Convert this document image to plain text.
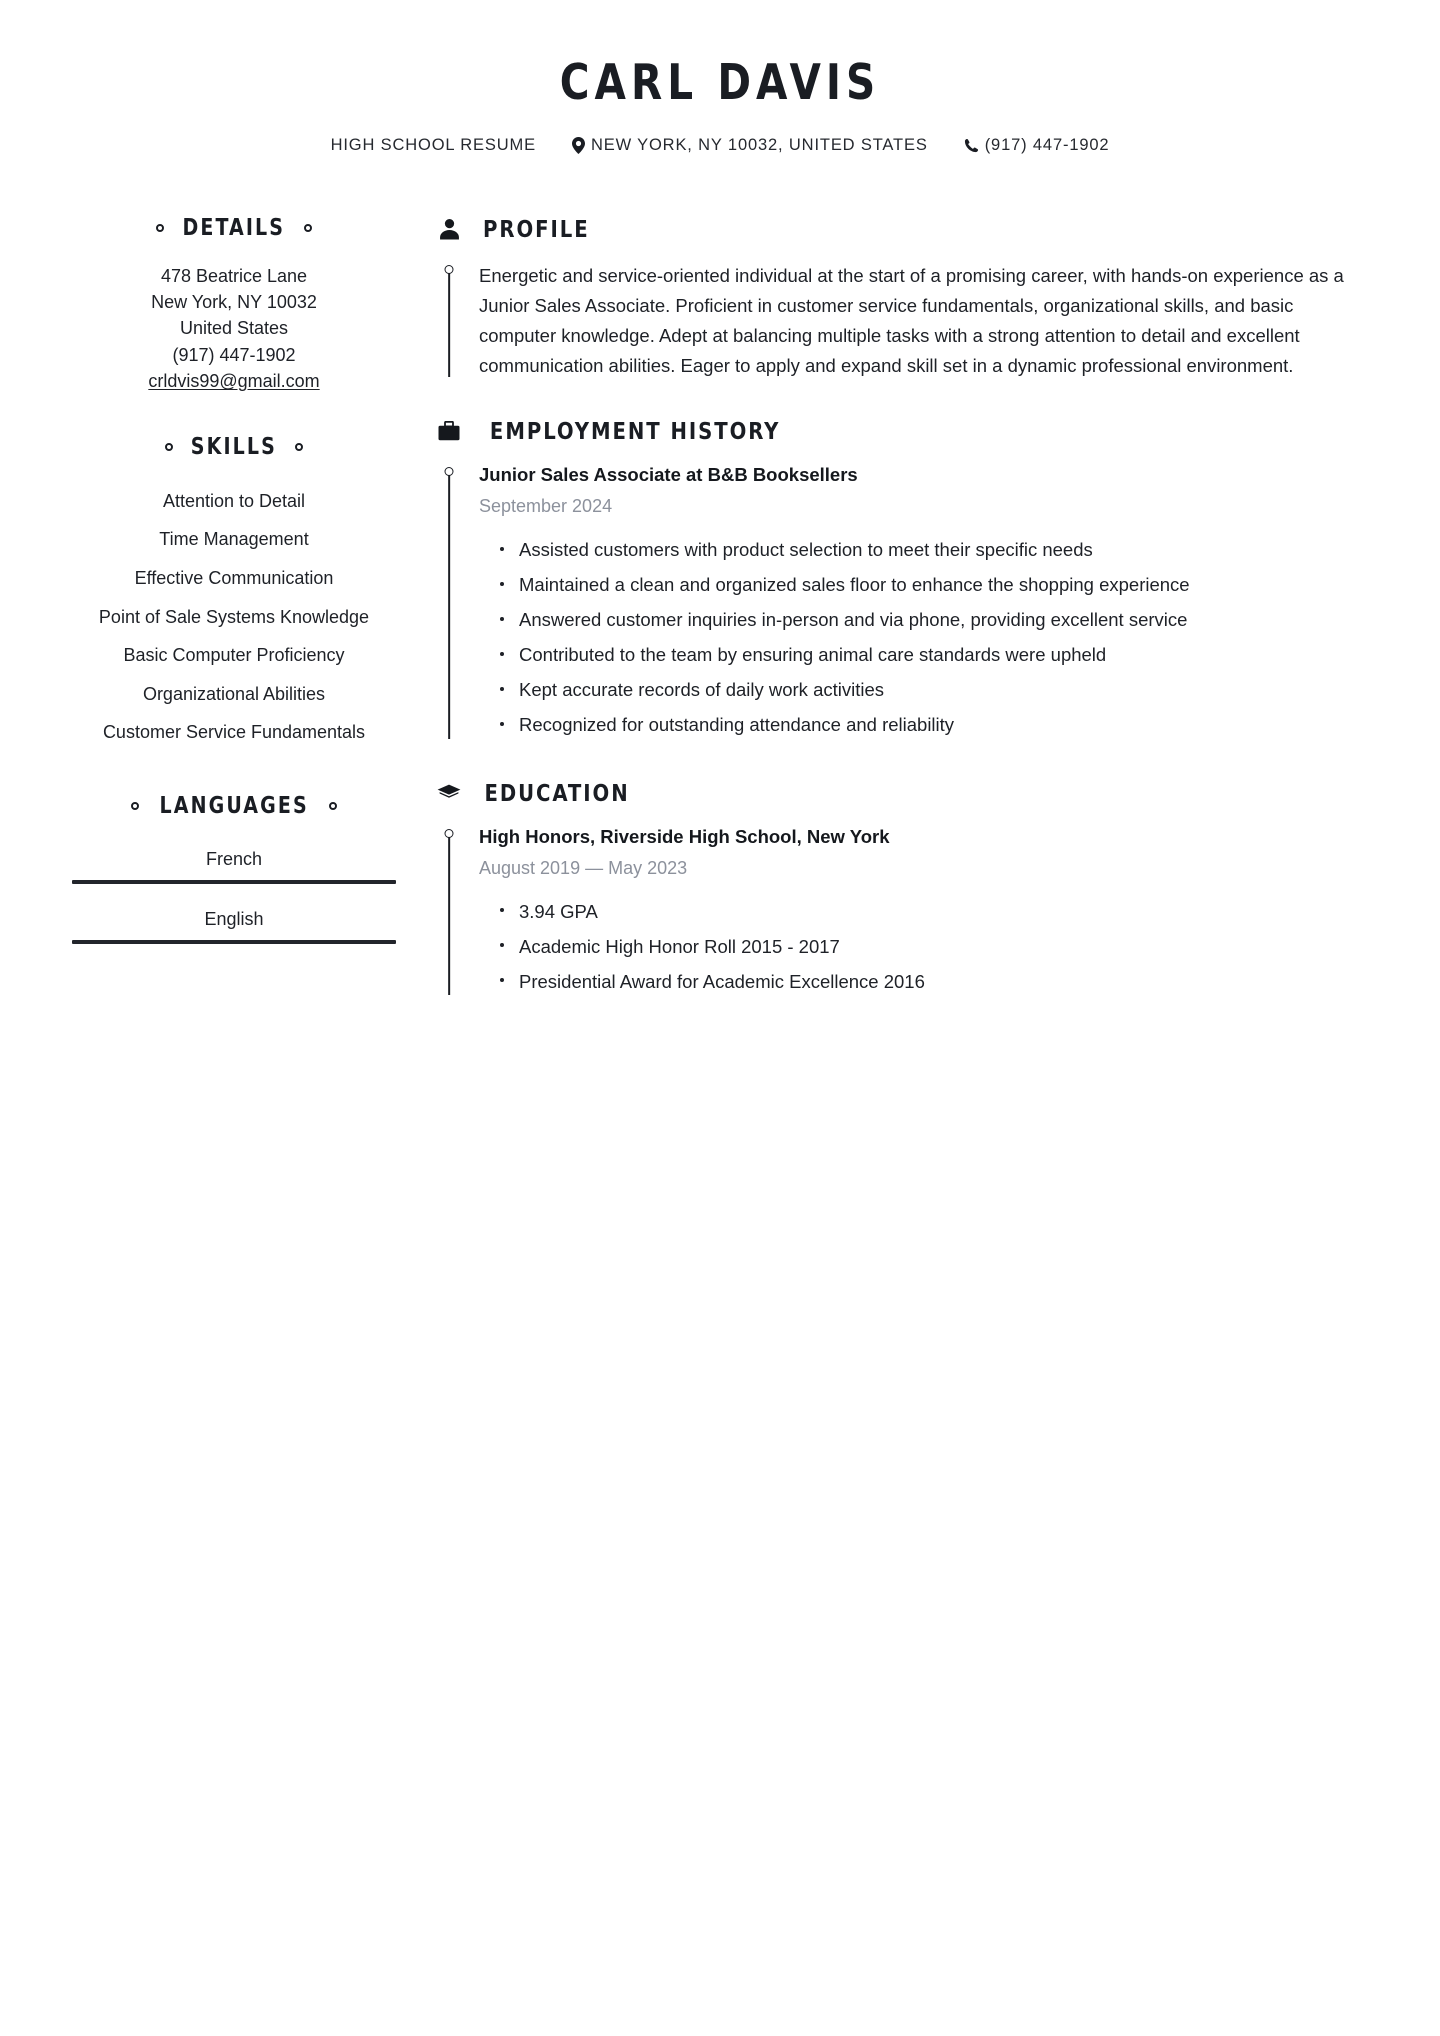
CARL DAVIS
HIGH SCHOOL RESUME	NEW YORK, NY 10032, UNITED STATES	(917) 447-1902
DETAILS
478 Beatrice Lane
New York, NY 10032
United States
(917) 447-1902
crldvis99@gmail.com
SKILLS
Attention to Detail
Time Management
Effective Communication
Point of Sale Systems Knowledge
Basic Computer Proficiency
Organizational Abilities
Customer Service Fundamentals
LANGUAGES
French
English
PROFILE

Energetic and service-oriented individual at the start of a promising career, with hands-on experience as a Junior Sales Associate. Proficient in customer service fundamentals, organizational skills, and basic computer knowledge. Adept at balancing multiple tasks with a strong attention to detail and excellent communication abilities. Eager to apply and expand skill set in a dynamic professional environment.

EMPLOYMENT HISTORY
Junior Sales Associate at B&B Booksellers
September 2024
Assisted customers with product selection to meet their specific needs
Maintained a clean and organized sales floor to enhance the shopping experience
Answered customer inquiries in-person and via phone, providing excellent service
Contributed to the team by ensuring animal care standards were upheld
Kept accurate records of daily work activities
Recognized for outstanding attendance and reliability
EDUCATION
High Honors, Riverside High School, New York
August 2019 — May 2023
3.94 GPA
Academic High Honor Roll 2015 - 2017
Presidential Award for Academic Excellence 2016
